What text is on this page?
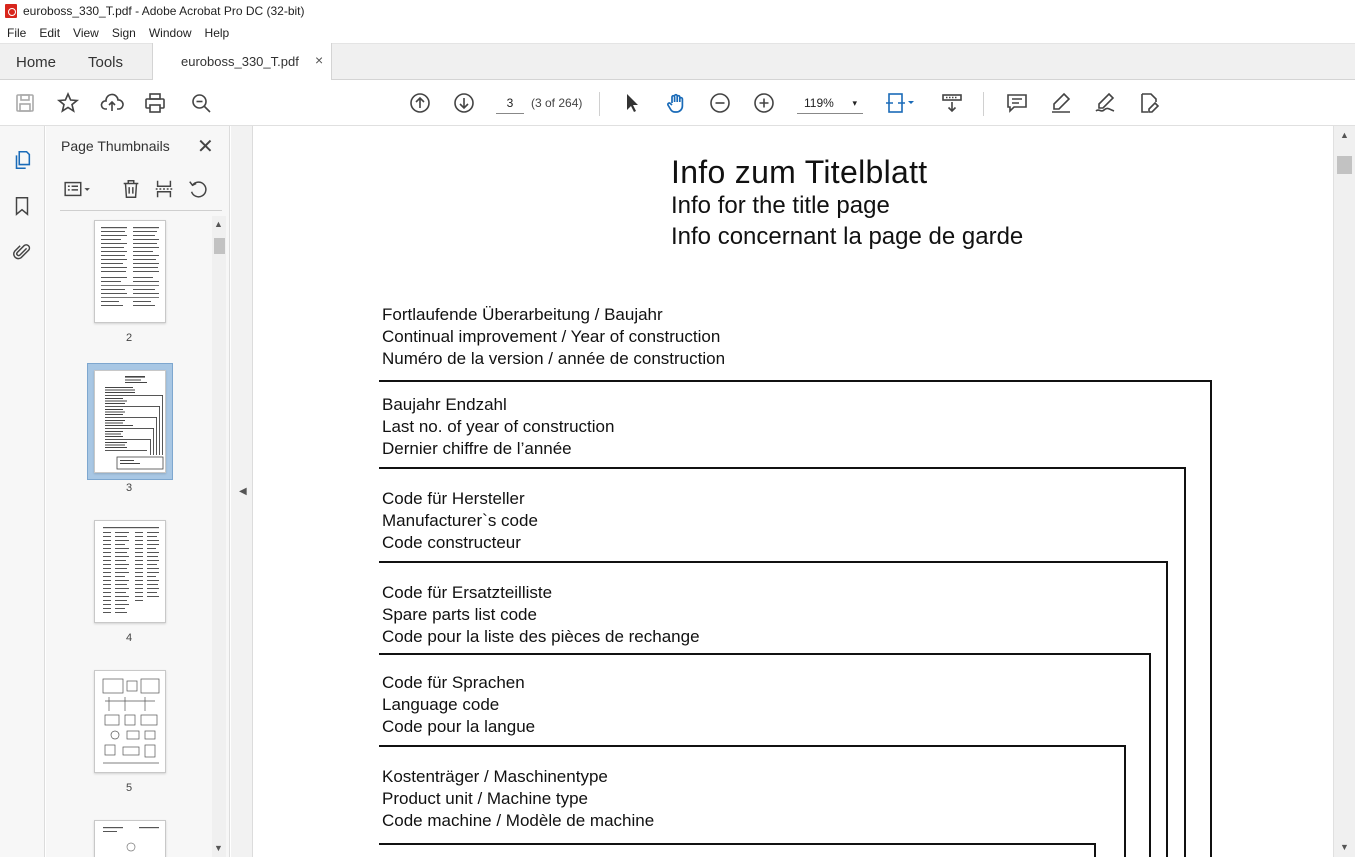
euroboss_330_T.pdf - Adobe Acrobat Pro DC (32-bit)
File	Edit	View	Sign	Window	Help
Home Tools	euroboss_330_T.pdf ×
3	(3 of 264)	119% ▾
Page Thumbnails ✕
2
3
4
5
▲
▼
◀
Info zum Titelblatt
Info for the title page
Info concernant la page de garde
Fortlaufende Überarbeitung / Baujahr
Continual improvement / Year of construction
Numéro de la version / année de construction
Baujahr Endzahl
Last no. of year of construction
Dernier chiffre de l’année
Code für Hersteller
Manufacturer`s code
Code constructeur
Code für Ersatzteilliste
Spare parts list code
Code pour la liste des pièces de rechange
Code für Sprachen
Language code
Code pour la langue
Kostenträger / Maschinentype
Product unit / Machine type
Code machine / Modèle de machine
▲
▼
